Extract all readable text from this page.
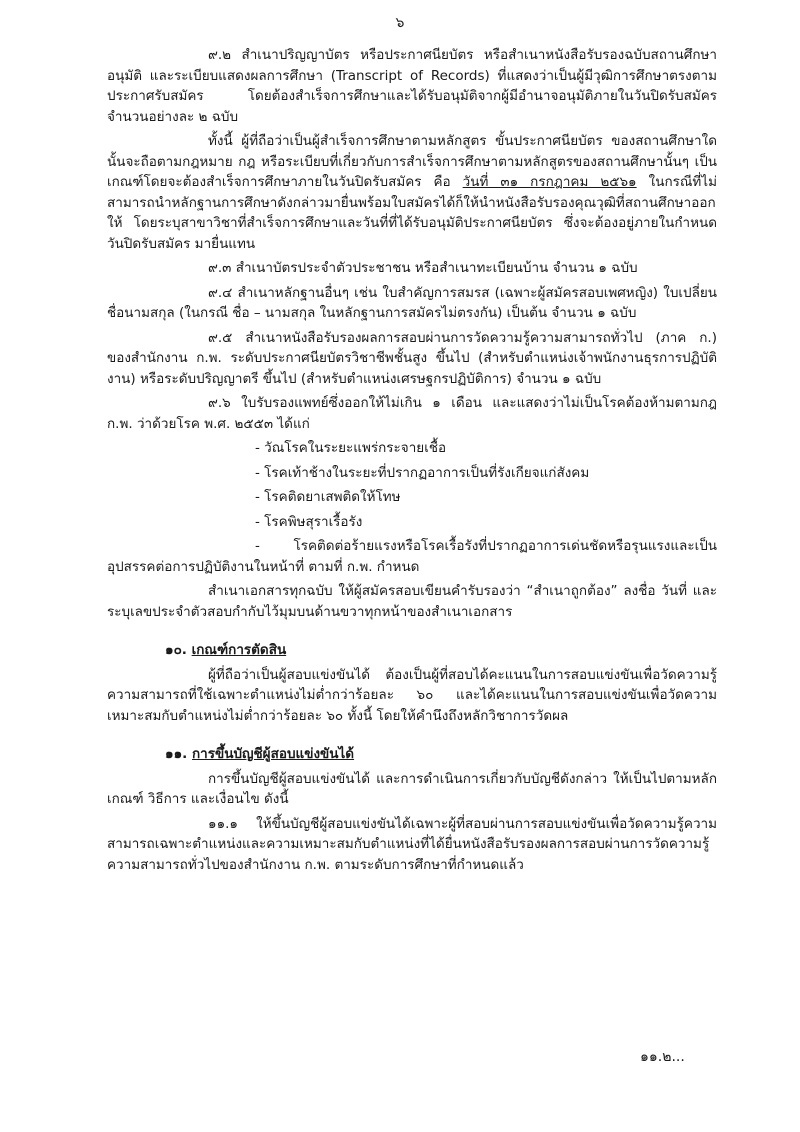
๖

๙.๒ สำเนาปริญญาบัตร หรือประกาศนียบัตร หรือสำเนาหนังสือรับรองฉบับสถานศึกษาอนุมัติ และระเบียบแสดงผลการศึกษา (Transcript of Records) ที่แสดงว่าเป็นผู้มีวุฒิการศึกษาตรงตามประกาศรับสมัคร โดยต้องสำเร็จการศึกษาและได้รับอนุมัติจากผู้มีอำนาจอนุมัติภายในวันปิดรับสมัครจำนวนอย่างละ ๒ ฉบับ

ทั้งนี้ ผู้ที่ถือว่าเป็นผู้สำเร็จการศึกษาตามหลักสูตร ขั้นประกาศนียบัตร ของสถานศึกษาใดนั้นจะถือตามกฎหมาย กฎ หรือระเบียบที่เกี่ยวกับการสำเร็จการศึกษาตามหลักสูตรของสถานศึกษานั้นๆ เป็นเกณฑ์โดยจะต้องสำเร็จการศึกษาภายในวันปิดรับสมัคร คือ วันที่ ๓๑ กรกฎาคม ๒๕๖๑ ในกรณีที่ไม่สามารถนำหลักฐานการศึกษาดังกล่าวมายื่นพร้อมใบสมัครได้ก็ให้นำหนังสือรับรองคุณวุฒิที่สถานศึกษาออกให้ โดยระบุสาขาวิชาที่สำเร็จการศึกษาและวันที่ที่ได้รับอนุมัติประกาศนียบัตร ซึ่งจะต้องอยู่ภายในกำหนดวันปิดรับสมัคร มายื่นแทน

๙.๓ สำเนาบัตรประจำตัวประชาชน หรือสำเนาทะเบียนบ้าน จำนวน ๑ ฉบับ

๙.๔ สำเนาหลักฐานอื่นๆ เช่น ใบสำคัญการสมรส (เฉพาะผู้สมัครสอบเพศหญิง) ใบเปลี่ยนชื่อนามสกุล (ในกรณี ชื่อ – นามสกุล ในหลักฐานการสมัครไม่ตรงกัน) เป็นต้น จำนวน ๑ ฉบับ

๙.๕ สำเนาหนังสือรับรองผลการสอบผ่านการวัดความรู้ความสามารถทั่วไป (ภาค ก.) ของสำนักงาน ก.พ. ระดับประกาศนียบัตรวิชาชีพชั้นสูง ขึ้นไป (สำหรับตำแหน่งเจ้าพนักงานธุรการปฏิบัติงาน) หรือระดับปริญญาตรี ขึ้นไป (สำหรับตำแหน่งเศรษฐกรปฏิบัติการ) จำนวน ๑ ฉบับ

๙.๖ ใบรับรองแพทย์ซึ่งออกให้ไม่เกิน ๑ เดือน และแสดงว่าไม่เป็นโรคต้องห้ามตามกฎ ก.พ. ว่าด้วยโรค พ.ศ. ๒๕๕๓ ได้แก่

- วัณโรคในระยะแพร่กระจายเชื้อ
- โรคเท้าช้างในระยะที่ปรากฏอาการเป็นที่รังเกียจแก่สังคม
- โรคติดยาเสพติดให้โทษ
- โรคพิษสุราเรื้อรัง

- โรคติดต่อร้ายแรงหรือโรคเรื้อรังที่ปรากฏอาการเด่นชัดหรือรุนแรงและเป็นอุปสรรคต่อการปฏิบัติงานในหน้าที่ ตามที่ ก.พ. กำหนด

สำเนาเอกสารทุกฉบับ ให้ผู้สมัครสอบเขียนคำรับรองว่า “สำเนาถูกต้อง” ลงชื่อ วันที่ และระบุเลขประจำตัวสอบกำกับไว้มุมบนด้านขวาทุกหน้าของสำเนาเอกสาร

๑๐. เกณฑ์การตัดสิน

ผู้ที่ถือว่าเป็นผู้สอบแข่งขันได้ ต้องเป็นผู้ที่สอบได้คะแนนในการสอบแข่งขันเพื่อวัดความรู้ความสามารถที่ใช้เฉพาะตำแหน่งไม่ต่ำกว่าร้อยละ ๖๐ และได้คะแนนในการสอบแข่งขันเพื่อวัดความเหมาะสมกับตำแหน่งไม่ต่ำกว่าร้อยละ ๖๐ ทั้งนี้ โดยให้คำนึงถึงหลักวิชาการวัดผล

๑๑. การขึ้นบัญชีผู้สอบแข่งขันได้

การขึ้นบัญชีผู้สอบแข่งขันได้ และการดำเนินการเกี่ยวกับบัญชีดังกล่าว ให้เป็นไปตามหลักเกณฑ์ วิธีการ และเงื่อนไข ดังนี้

๑๑.๑ ให้ขึ้นบัญชีผู้สอบแข่งขันได้เฉพาะผู้ที่สอบผ่านการสอบแข่งขันเพื่อวัดความรู้ความสามารถเฉพาะตำแหน่งและความเหมาะสมกับตำแหน่งที่ได้ยื่นหนังสือรับรองผลการสอบผ่านการวัดความรู้ความสามารถทั่วไปของสำนักงาน ก.พ. ตามระดับการศึกษาที่กำหนดแล้ว

๑๑.๒...
